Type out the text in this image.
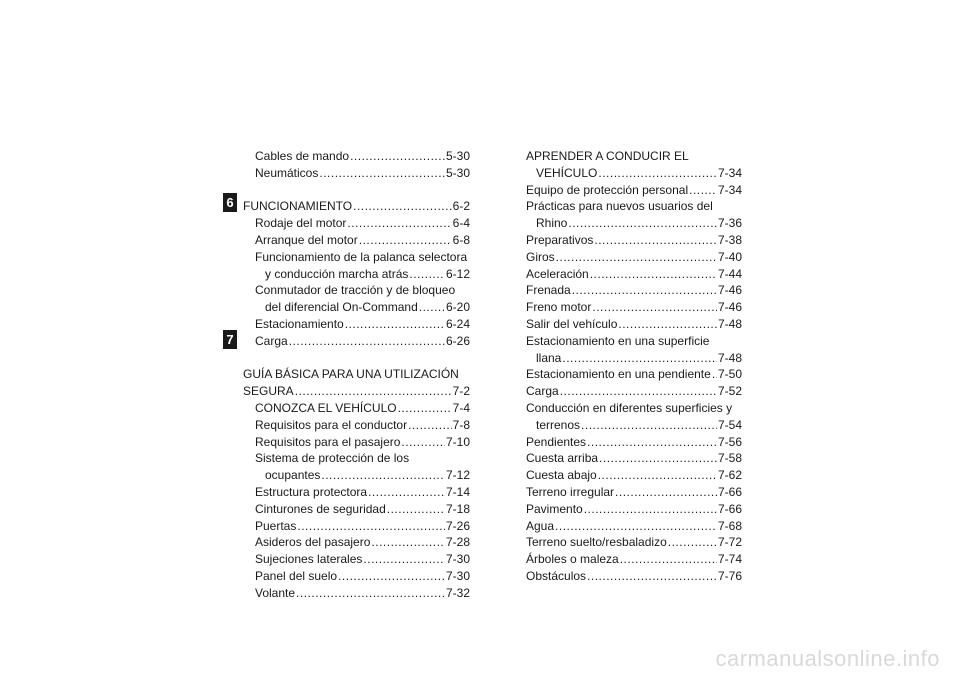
6
7
Cables de mando .....	5-30
Neumáticos .....	5-30
FUNCIONAMIENTO .....	6-2
Rodaje del motor .....	6-4
Arranque del motor .....	6-8
Funcionamiento de la palanca selectora
y conducción marcha atrás .....	6-12
Conmutador de tracción y de bloqueo
del diferencial On-Command ..... 6-20
Estacionamiento .....	6-24
Carga .....	6-26
GUÍA BÁSICA PARA UNA UTILIZACIÓN
SEGURA .....	7-2
CONOZCA EL VEHÍCULO .....	7-4
Requisitos para el conductor .....	7-8
Requisitos para el pasajero .....	7-10
Sistema de protección de los
ocupantes .....	7-12
Estructura protectora .....	7-14
Cinturones de seguridad .....	7-18
Puertas .....	7-26
Asideros del pasajero .....	7-28
Sujeciones laterales .....	7-30
Panel del suelo .....	7-30
Volante .....	7-32
APRENDER A CONDUCIR EL
VEHÍCULO .....	7-34
Equipo de protección personal ..... 7-34
Prácticas para nuevos usuarios del
Rhino .....	7-36
Preparativos .....	7-38
Giros .....	7-40
Aceleración .....	7-44
Frenada .....	7-46
Freno motor .....	7-46
Salir del vehículo .....	7-48
Estacionamiento en una superficie
llana .....	7-48
Estacionamiento en una pendiente ..... 7-50
Carga .....	7-52
Conducción en diferentes superficies y
terrenos .....	7-54
Pendientes .....	7-56
Cuesta arriba .....	7-58
Cuesta abajo .....	7-62
Terreno irregular .....	7-66
Pavimento .....	7-66
Agua .....	7-68
Terreno suelto/resbaladizo .....	7-72
Árboles o maleza .....	7-74
Obstáculos .....	7-76
carmanualsonline.info
